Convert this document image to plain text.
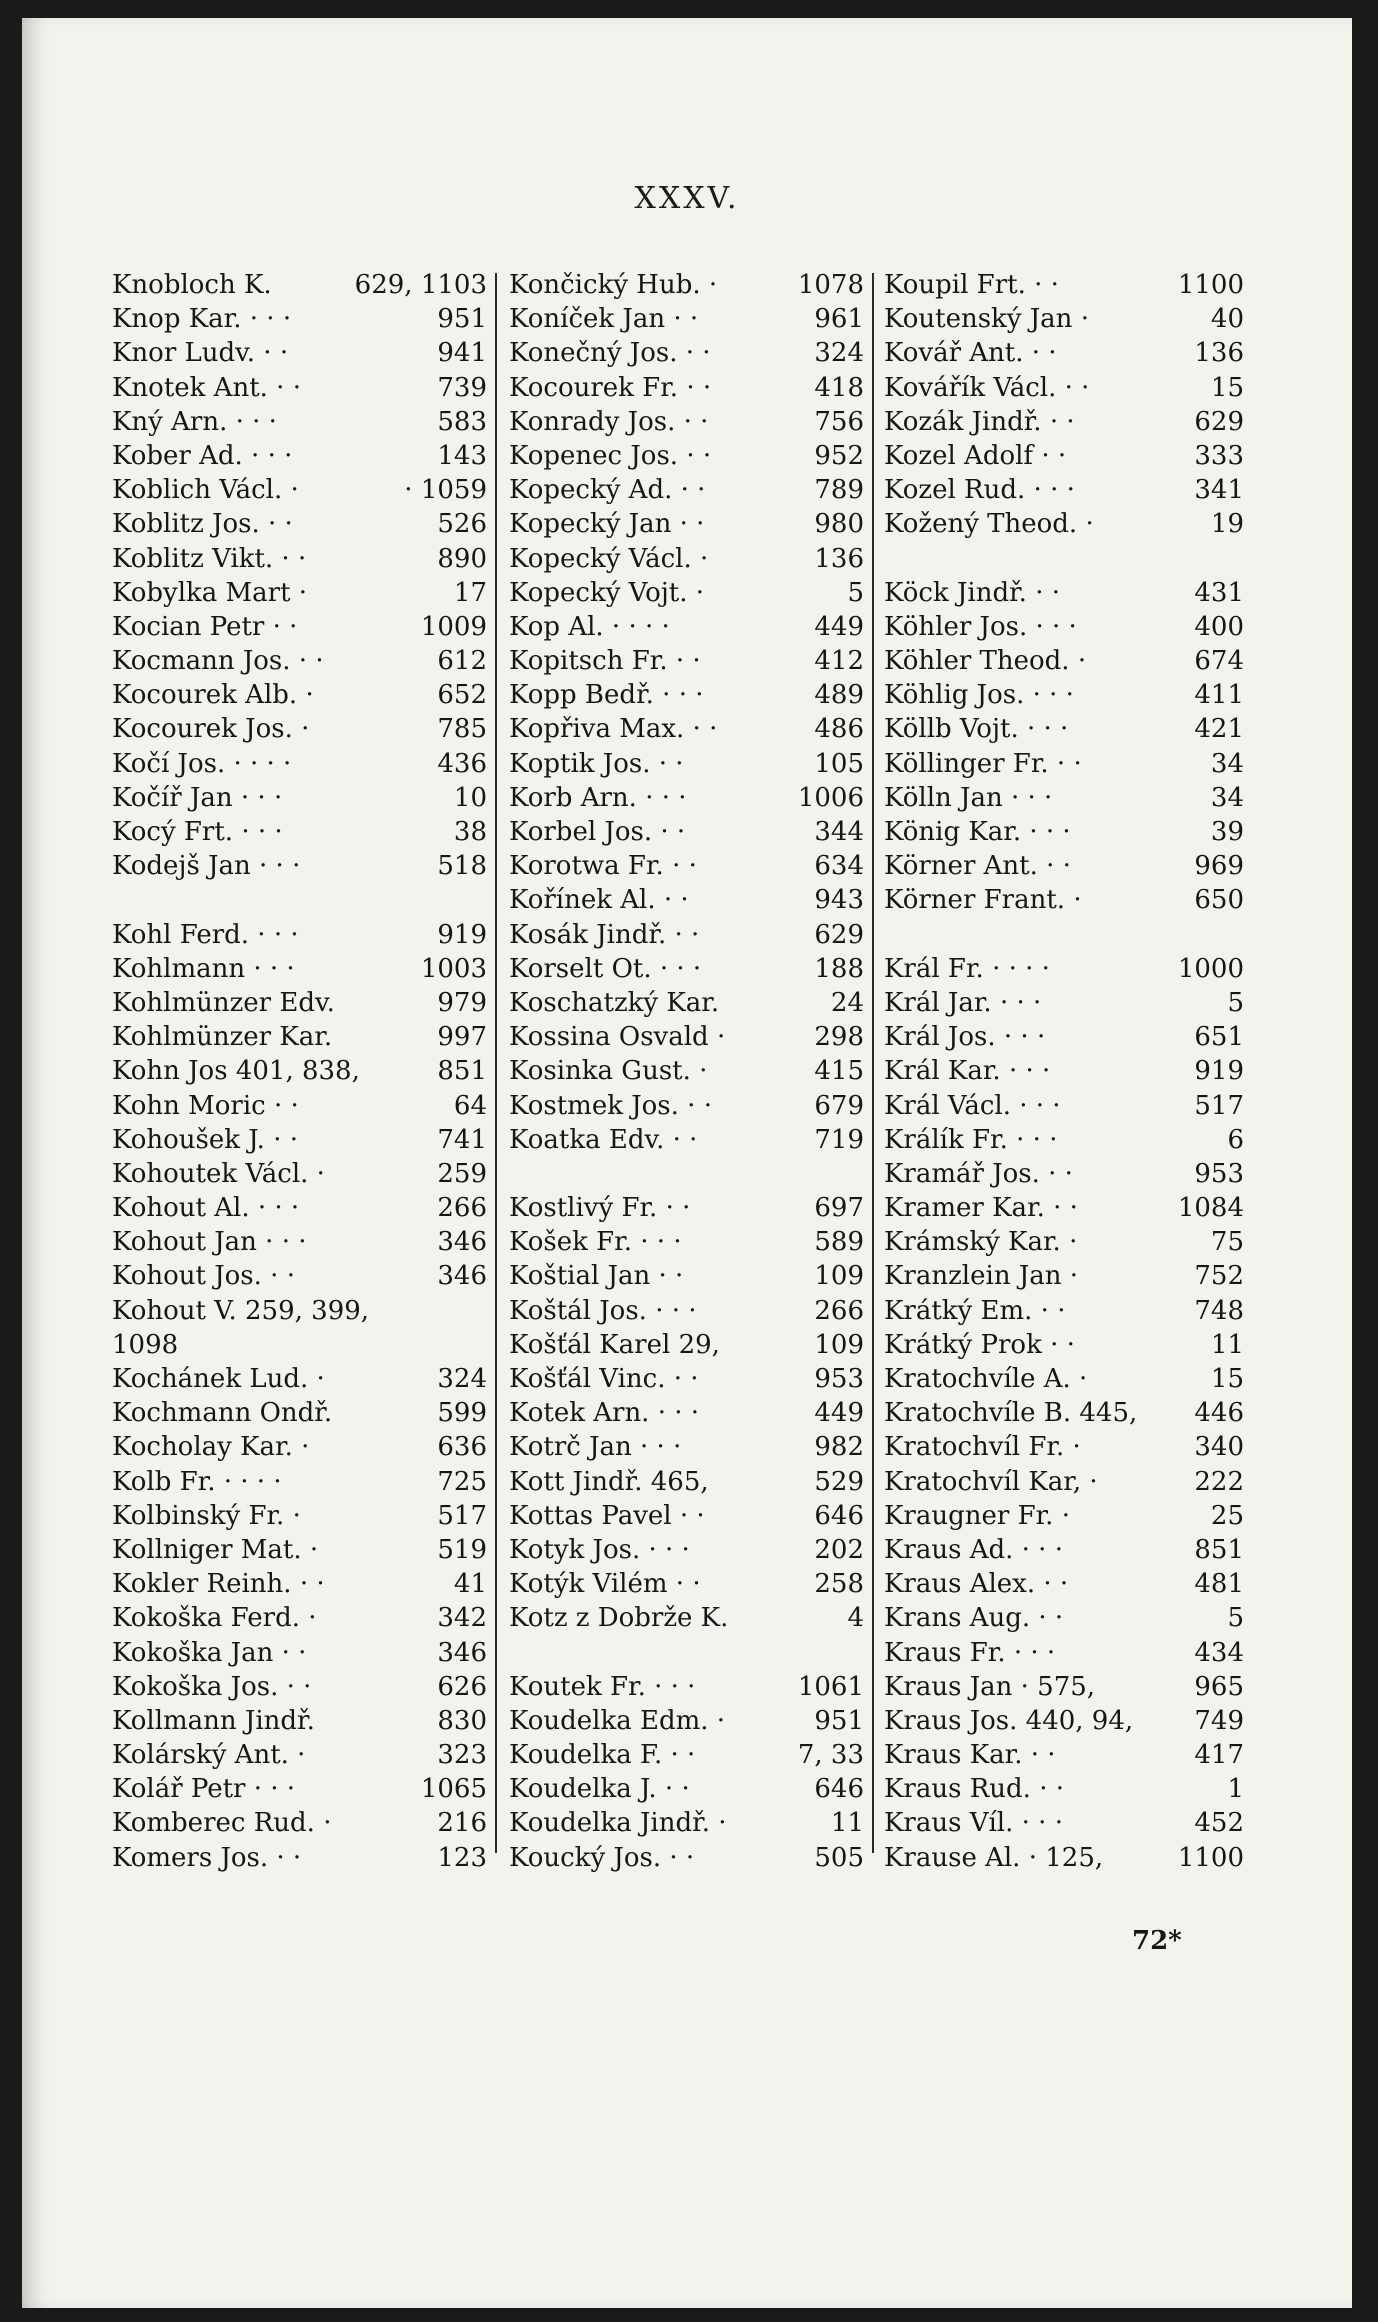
XXXV.
Knobloch K.	629, 1103
Knop Kar. · · ·	951
Knor Ludv. · ·	941
Knotek Ant. · ·	739
Kný Arn. · · ·	583
Kober Ad. · · ·	143
Koblich Václ. ·	· 1059
Koblitz Jos. · ·	526
Koblitz Vikt. · ·	890
Kobylka Mart ·	17
Kocian Petr · ·	1009
Kocmann Jos. · ·	612
Kocourek Alb. ·	652
Kocourek Jos. ·	785
Kočí Jos. · · · ·	436
Kočíř Jan · · ·	10
Kocý Frt. · · ·	38
Kodejš Jan · · ·	518
Kohl Ferd. · · ·	919
Kohlmann · · ·	1003
Kohlmünzer Edv.	979
Kohlmünzer Kar.	997
Kohn Jos 401, 838,	851
Kohn Moric · ·	64
Kohoušek J. · ·	741
Kohoutek Václ. ·	259
Kohout Al. · · ·	266
Kohout Jan · · ·	346
Kohout Jos. · ·	346
Kohout V. 259, 399,
1098
Kochánek Lud. ·	324
Kochmann Ondř.	599
Kocholay Kar. ·	636
Kolb Fr. · · · ·	725
Kolbinský Fr. ·	517
Kollniger Mat. ·	519
Kokler Reinh. · ·	41
Kokoška Ferd. ·	342
Kokoška Jan · ·	346
Kokoška Jos. · ·	626
Kollmann Jindř.	830
Kolárský Ant. ·	323
Kolář Petr · · ·	1065
Komberec Rud. ·	216
Komers Jos. · ·	123
Končický Hub. ·	1078
Koníček Jan · ·	961
Konečný Jos. · ·	324
Kocourek Fr. · ·	418
Konrady Jos. · ·	756
Kopenec Jos. · ·	952
Kopecký Ad. · ·	789
Kopecký Jan · ·	980
Kopecký Václ. ·	136
Kopecký Vojt. ·	5
Kop Al. · · · ·	449
Kopitsch Fr. · ·	412
Kopp Bedř. · · ·	489
Kopřiva Max. · ·	486
Koptik Jos. · ·	105
Korb Arn. · · ·	1006
Korbel Jos. · ·	344
Korotwa Fr. · ·	634
Kořínek Al. · ·	943
Kosák Jindř. · ·	629
Korselt Ot. · · ·	188
Koschatzký Kar.	24
Kossina Osvald ·	298
Kosinka Gust. ·	415
Kostmek Jos. · ·	679
Koatka Edv. · ·	719
Kostlivý Fr. · ·	697
Košek Fr. · · ·	589
Koštial Jan · ·	109
Koštál Jos. · · ·	266
Košťál Karel 29,	109
Košťál Vinc. · ·	953
Kotek Arn. · · ·	449
Kotrč Jan · · ·	982
Kott Jindř. 465,	529
Kottas Pavel · ·	646
Kotyk Jos. · · ·	202
Kotýk Vilém · ·	258
Kotz z Dobrže K.	4
Koutek Fr. · · ·	1061
Koudelka Edm. ·	951
Koudelka F. · ·	7, 33
Koudelka J. · ·	646
Koudelka Jindř. ·	11
Koucký Jos. · ·	505
Koupil Frt. · ·	1100
Koutenský Jan ·	40
Kovář Ant. · ·	136
Kovářík Václ. · ·	15
Kozák Jindř. · ·	629
Kozel Adolf · ·	333
Kozel Rud. · · ·	341
Kožený Theod. ·	19
Köck Jindř. · ·	431
Köhler Jos. · · ·	400
Köhler Theod. ·	674
Köhlig Jos. · · ·	411
Köllb Vojt. · · ·	421
Köllinger Fr. · ·	34
Kölln Jan · · ·	34
König Kar. · · ·	39
Körner Ant. · ·	969
Körner Frant. ·	650
Král Fr. · · · ·	1000
Král Jar. · · ·	5
Král Jos. · · ·	651
Král Kar. · · ·	919
Král Václ. · · ·	517
Králík Fr. · · ·	6
Kramář Jos. · ·	953
Kramer Kar. · ·	1084
Krámský Kar. ·	75
Kranzlein Jan ·	752
Krátký Em. · ·	748
Krátký Prok · ·	11
Kratochvíle A. ·	15
Kratochvíle B. 445,	446
Kratochvíl Fr. ·	340
Kratochvíl Kar, ·	222
Kraugner Fr. ·	25
Kraus Ad. · · ·	851
Kraus Alex. · ·	481
Krans Aug. · ·	5
Kraus Fr. · · ·	434
Kraus Jan · 575,	965
Kraus Jos. 440, 94,	749
Kraus Kar. · ·	417
Kraus Rud. · ·	1
Kraus Víl. · · ·	452
Krause Al. · 125,	1100
72*
